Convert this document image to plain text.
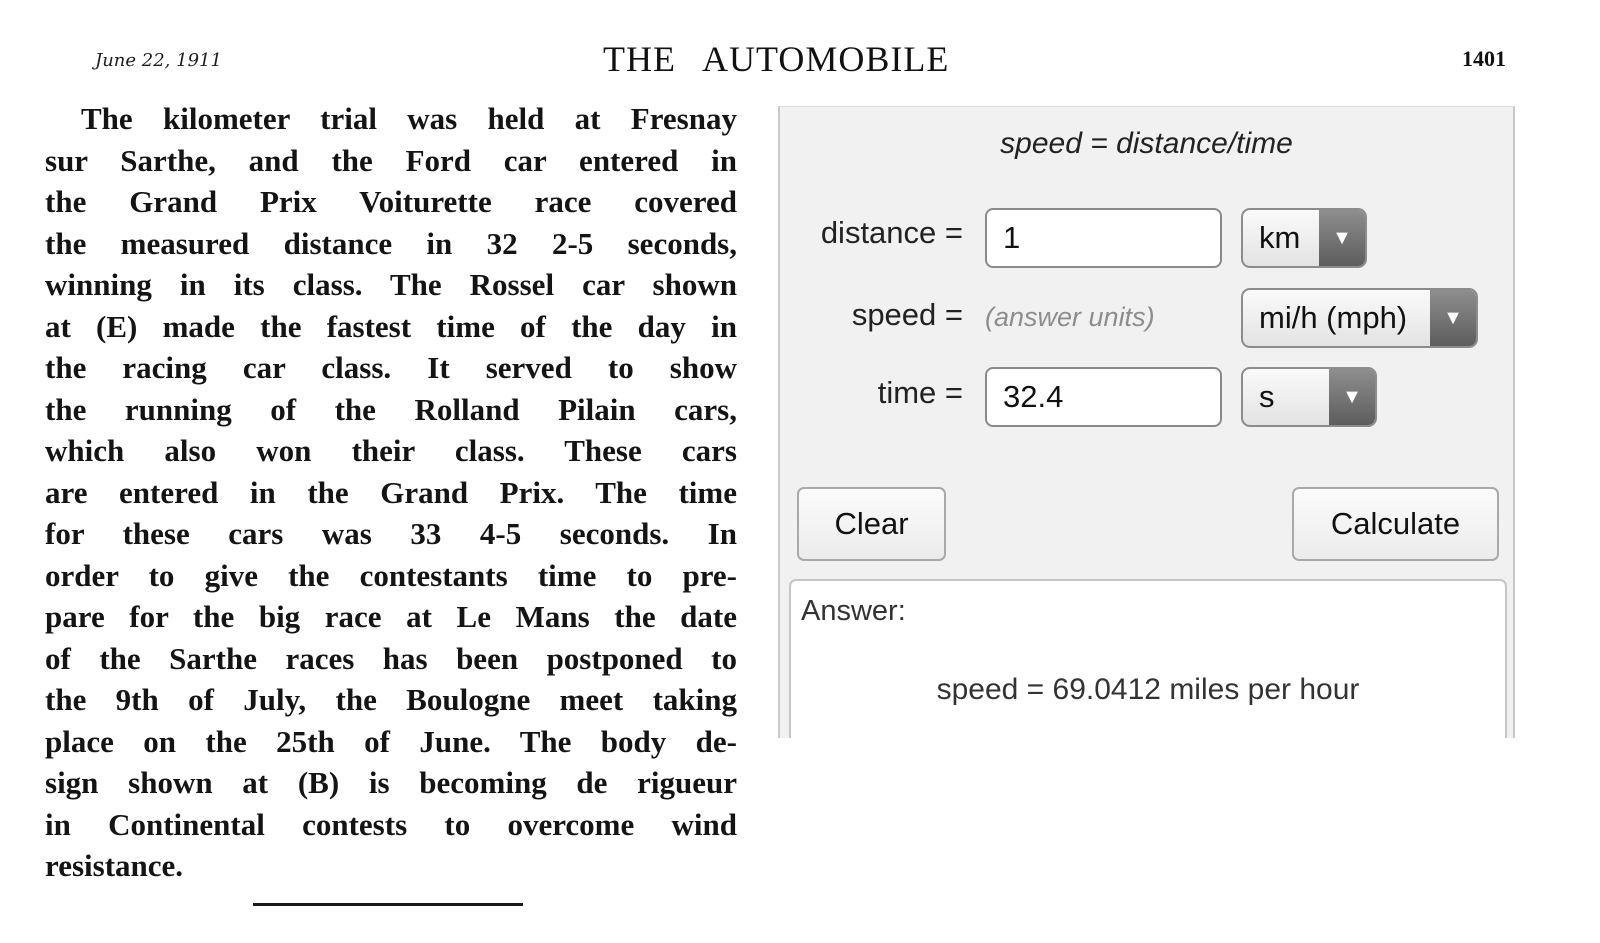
June 22, 1911	THE AUTOMOBILE	1401

The kilometer trial was held at Fresnay
sur Sarthe, and the Ford car entered in
the Grand Prix Voiturette race covered
the measured distance in 32 2-5 seconds,
winning in its class. The Rossel car shown
at (E) made the fastest time of the day in
the racing car class. It served to show
the running of the Rolland Pilain cars,
which also won their class. These cars
are entered in the Grand Prix. The time
for these cars was 33 4-5 seconds. In
order to give the contestants time to pre-
pare for the big race at Le Mans the date
of the Sarthe races has been postponed to
the 9th of July, the Boulogne meet taking
place on the 25th of June. The body de-
sign shown at (B) is becoming de rigueur
in Continental contests to overcome wind
resistance.

speed = distance/time
distance =
1	km	▼
speed = (answer units)	mi/h (mph)	▼
time =
32.4	s	▼
Clear	Calculate
Answer:
speed = 69.0412 miles per hour
